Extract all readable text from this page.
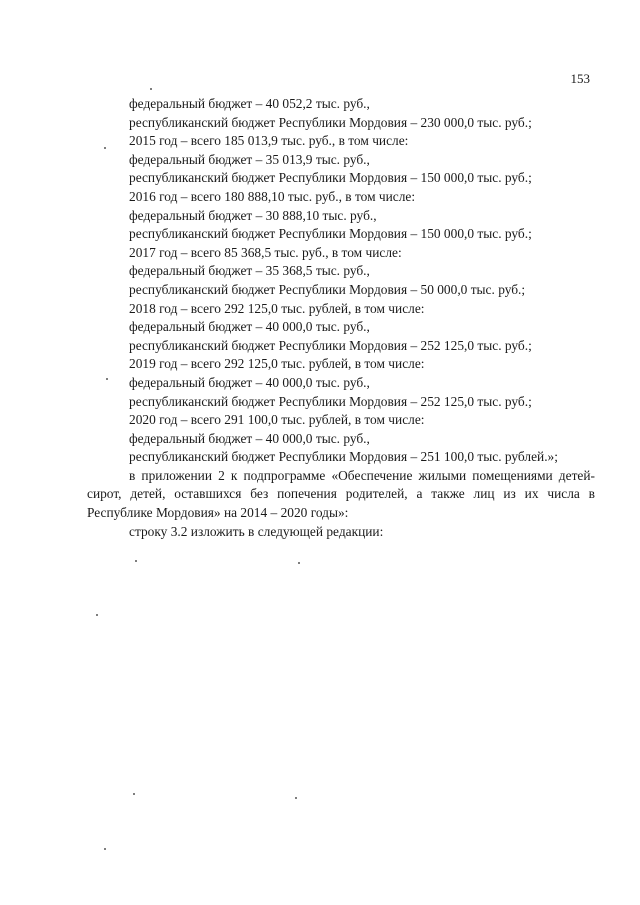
153
федеральный бюджет – 40 052,2 тыс. руб.,
республиканский бюджет Республики Мордовия – 230 000,0 тыс. руб.;
2015 год – всего 185 013,9 тыс. руб., в том числе:
федеральный бюджет – 35 013,9 тыс. руб.,
республиканский бюджет Республики Мордовия – 150 000,0 тыс. руб.;
2016 год – всего 180 888,10 тыс. руб., в том числе:
федеральный бюджет – 30 888,10 тыс. руб.,
республиканский бюджет Республики Мордовия – 150 000,0 тыс. руб.;
2017 год – всего 85 368,5 тыс. руб., в том числе:
федеральный бюджет – 35 368,5 тыс. руб.,
республиканский бюджет Республики Мордовия – 50 000,0 тыс. руб.;
2018 год – всего 292 125,0 тыс. рублей, в том числе:
федеральный бюджет – 40 000,0 тыс. руб.,
республиканский бюджет Республики Мордовия – 252 125,0 тыс. руб.;
2019 год – всего 292 125,0 тыс. рублей, в том числе:
федеральный бюджет – 40 000,0 тыс. руб.,
республиканский бюджет Республики Мордовия – 252 125,0 тыс. руб.;
2020 год – всего 291 100,0 тыс. рублей, в том числе:
федеральный бюджет – 40 000,0 тыс. руб.,
республиканский бюджет Республики Мордовия – 251 100,0 тыс. рублей.»;
в приложении 2 к подпрограмме «Обеспечение жилыми помещениями детей-сирот, детей, оставшихся без попечения родителей, а также лиц из их числа в Республике Мордовия» на 2014 – 2020 годы»:
строку 3.2 изложить в следующей редакции:
